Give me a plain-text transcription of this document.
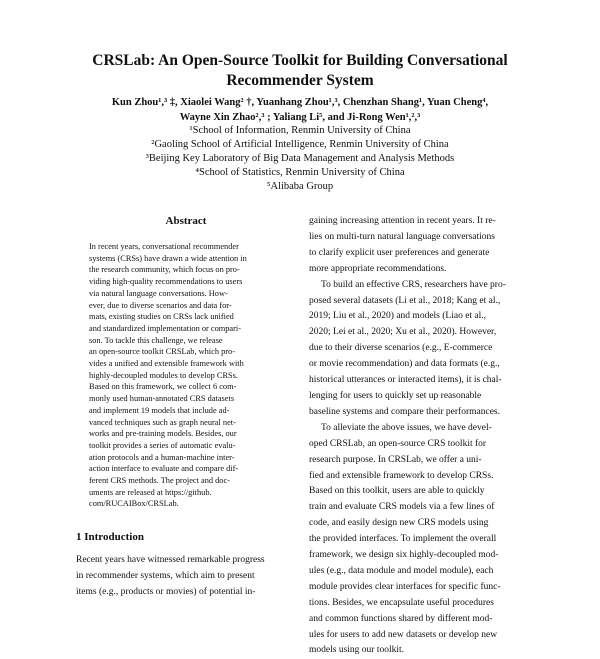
CRSLab: An Open-Source Toolkit for Building Conversational
Recommender System
Kun Zhou¹,³ ‡, Xiaolei Wang² †, Yuanhang Zhou¹,³, Chenzhan Shang¹, Yuan Cheng⁴,
Wayne Xin Zhao²,³ ; Yaliang Li⁵, and Ji-Rong Wen¹,²,³
¹School of Information, Renmin University of China
²Gaoling School of Artificial Intelligence, Renmin University of China
³Beijing Key Laboratory of Big Data Management and Analysis Methods
⁴School of Statistics, Renmin University of China
⁵Alibaba Group
Abstract
In recent years, conversational recommender
systems (CRSs) have drawn a wide attention in
the research community, which focus on pro-
viding high-quality recommendations to users
via natural language conversations. How-
ever, due to diverse scenarios and data for-
mats, existing studies on CRSs lack unified
and standardized implementation or compari-
son. To tackle this challenge, we release
an open-source toolkit CRSLab, which pro-
vides a unified and extensible framework with
highly-decoupled modules to develop CRSs.
Based on this framework, we collect 6 com-
monly used human-annotated CRS datasets
and implement 19 models that include ad-
vanced techniques such as graph neural net-
works and pre-training models. Besides, our
toolkit provides a series of automatic evalu-
ation protocols and a human-machine inter-
action interface to evaluate and compare dif-
ferent CRS methods. The project and doc-
uments are released at https://github.
com/RUCAIBox/CRSLab.
1 Introduction
Recent years have witnessed remarkable progress
in recommender systems, which aim to present
items (e.g., products or movies) of potential in-
gaining increasing attention in recent years. It re-
lies on multi-turn natural language conversations
to clarify explicit user preferences and generate
more appropriate recommendations.
To build an effective CRS, researchers have pro-
posed several datasets (Li et al., 2018; Kang et al.,
2019; Liu et al., 2020) and models (Liao et al.,
2020; Lei et al., 2020; Xu et al., 2020). However,
due to their diverse scenarios (e.g., E-commerce
or movie recommendation) and data formats (e.g.,
historical utterances or interacted items), it is chal-
lenging for users to quickly set up reasonable
baseline systems and compare their performances.
To alleviate the above issues, we have devel-
oped CRSLab, an open-source CRS toolkit for
research purpose. In CRSLab, we offer a uni-
fied and extensible framework to develop CRSs.
Based on this toolkit, users are able to quickly
train and evaluate CRS models via a few lines of
code, and easily design new CRS models using
the provided interfaces. To implement the overall
framework, we design six highly-decoupled mod-
ules (e.g., data module and model module), each
module provides clear interfaces for specific func-
tions. Besides, we encapsulate useful procedures
and common functions shared by different mod-
ules for users to add new datasets or develop new
models using our toolkit.
